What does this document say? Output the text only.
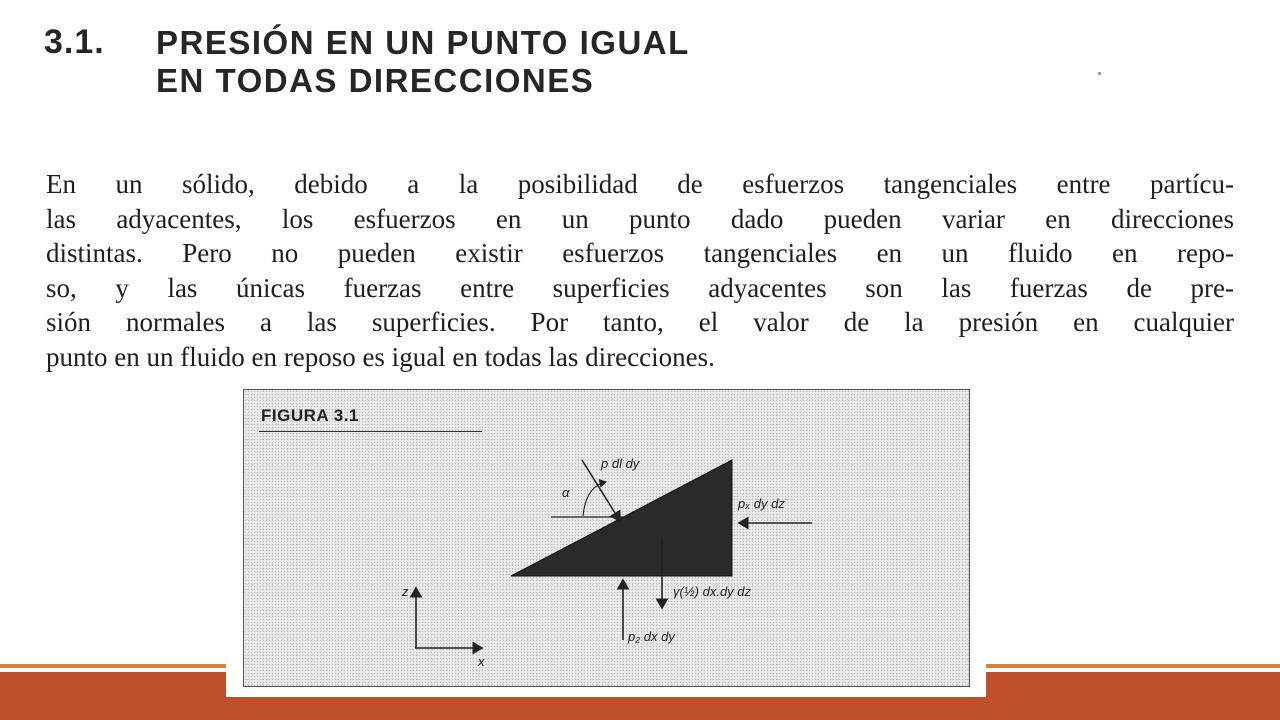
3.1. PRESIÓN EN UN PUNTO IGUAL
EN TODAS DIRECCIONES
En un sólido, debido a la posibilidad de esfuerzos tangenciales entre partícu-
las adyacentes, los esfuerzos en un punto dado pueden variar en direcciones
distintas. Pero no pueden existir esfuerzos tangenciales en un fluido en repo-
so, y las únicas fuerzas entre superficies adyacentes son las fuerzas de pre-
sión normales a las superficies. Por tanto, el valor de la presión en cualquier
punto en un fluido en reposo es igual en todas las direcciones.
FIGURA 3.1
p dl dy
α
pₓ dy dz
γ(½) dx.dy dz
p₂ dx dy
z
x
